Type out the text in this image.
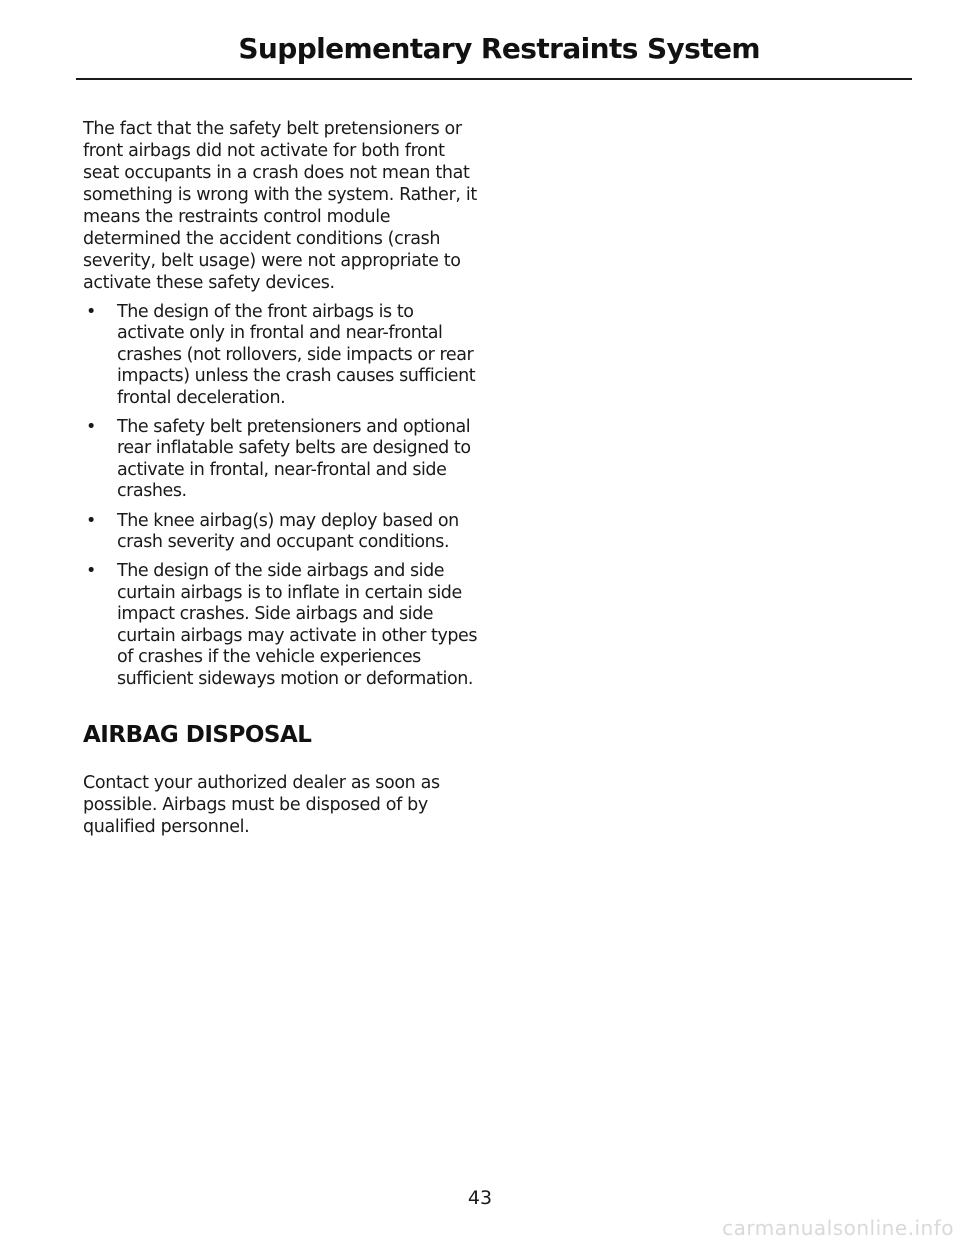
Supplementary Restraints System

The fact that the safety belt pretensioners or front airbags did not activate for both front seat occupants in a crash does not mean that something is wrong with the system. Rather, it means the restraints control module determined the accident conditions (crash severity, belt usage) were not appropriate to activate these safety devices.

• The design of the front airbags is to activate only in frontal and near-frontal crashes (not rollovers, side impacts or rear impacts) unless the crash causes sufficient frontal deceleration.
• The safety belt pretensioners and optional rear inflatable safety belts are designed to activate in frontal, near-frontal and side crashes.
• The knee airbag(s) may deploy based on crash severity and occupant conditions.
• The design of the side airbags and side curtain airbags is to inflate in certain side impact crashes. Side airbags and side curtain airbags may activate in other types of crashes if the vehicle experiences sufficient sideways motion or deformation.
AIRBAG DISPOSAL

Contact your authorized dealer as soon as possible. Airbags must be disposed of by qualified personnel.

43
carmanualsonline.info
